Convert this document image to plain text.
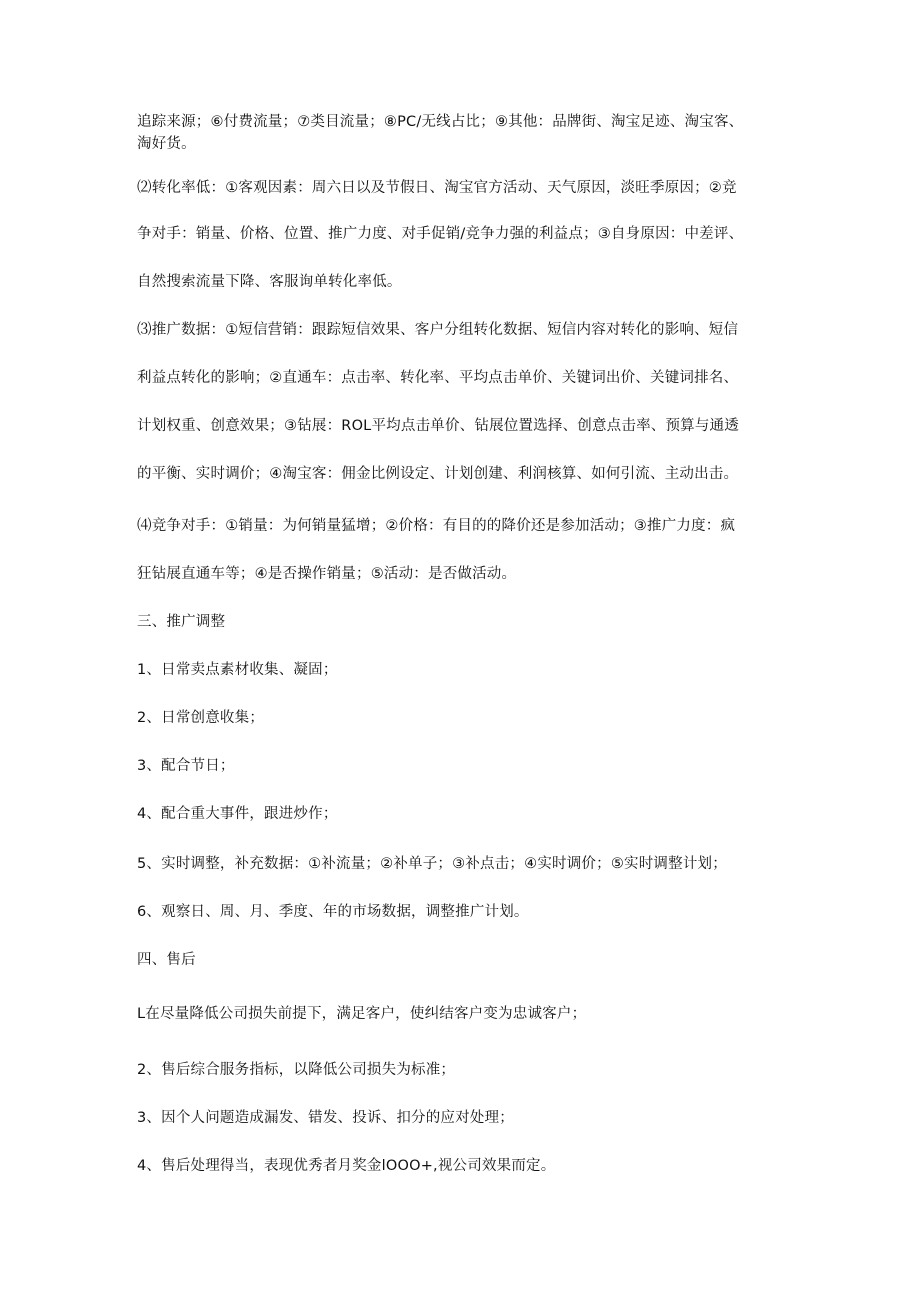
追踪来源；⑥付费流量；⑦类目流量；⑧PC/无线占比；⑨其他：品牌街、淘宝足迹、淘宝客、
淘好货。
⑵转化率低：①客观因素：周六日以及节假日、淘宝官方活动、天气原因，淡旺季原因；②竞
争对手：销量、价格、位置、推广力度、对手促销/竞争力强的利益点；③自身原因：中差评、
自然搜索流量下降、客服询单转化率低。
⑶推广数据：①短信营销：跟踪短信效果、客户分组转化数据、短信内容对转化的影响、短信
利益点转化的影响；②直通车：点击率、转化率、平均点击单价、关键词出价、关键词排名、
计划权重、创意效果；③钻展：ROL平均点击单价、钻展位置选择、创意点击率、预算与通透
的平衡、实时调价；④淘宝客：佣金比例设定、计划创建、利润核算、如何引流、主动出击。
⑷竞争对手：①销量：为何销量猛增；②价格：有目的的降价还是参加活动；③推广力度：疯
狂钻展直通车等；④是否操作销量；⑤活动：是否做活动。
三、推广调整
1、日常卖点素材收集、凝固；
2、日常创意收集；
3、配合节日；
4、配合重大事件，跟进炒作；
5、实时调整，补充数据：①补流量；②补单子；③补点击；④实时调价；⑤实时调整计划；
6、观察日、周、月、季度、年的市场数据，调整推广计划。
四、售后
L在尽量降低公司损失前提下，满足客户，使纠结客户变为忠诚客户；
2、售后综合服务指标，以降低公司损失为标准；
3、因个人问题造成漏发、错发、投诉、扣分的应对处理；
4、售后处理得当，表现优秀者月奖金lOOO+,视公司效果而定。
